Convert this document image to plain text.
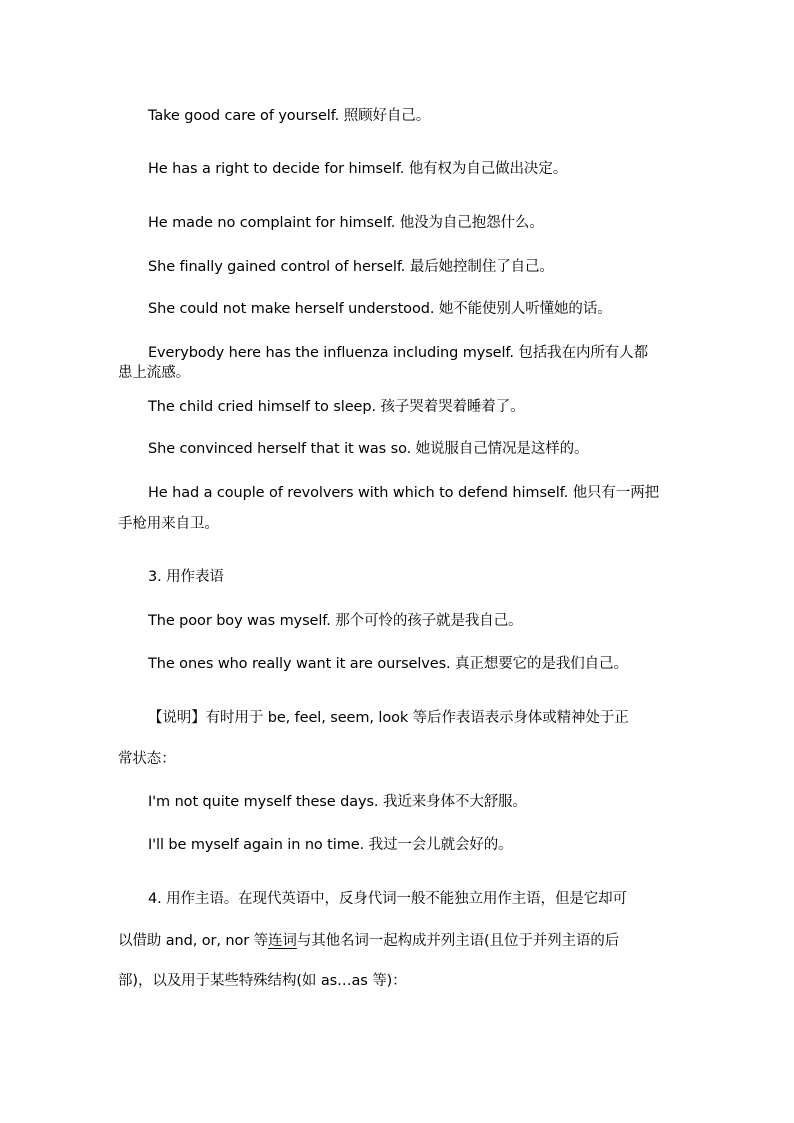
Take good care of yourself. 照顾好自己。
He has a right to decide for himself. 他有权为自己做出决定。
He made no complaint for himself. 他没为自己抱怨什么。
She finally gained control of herself. 最后她控制住了自己。
She could not make herself understood. 她不能使别人听懂她的话。
Everybody here has the influenza including myself. 包括我在内所有人都
患上流感。
The child cried himself to sleep. 孩子哭着哭着睡着了。
She convinced herself that it was so. 她说服自己情况是这样的。
He had a couple of revolvers with which to defend himself. 他只有一两把
手枪用来自卫。
3. 用作表语
The poor boy was myself. 那个可怜的孩子就是我自己。
The ones who really want it are ourselves. 真正想要它的是我们自己。
【说明】有时用于 be, feel, seem, look 等后作表语表示身体或精神处于正
常状态：
I'm not quite myself these days. 我近来身体不大舒服。
I'll be myself again in no time. 我过一会儿就会好的。
4. 用作主语。在现代英语中，反身代词一般不能独立用作主语，但是它却可
以借助 and, or, nor 等连词与其他名词一起构成并列主语(且位于并列主语的后
部)，以及用于某些特殊结构(如 as…as 等)：
